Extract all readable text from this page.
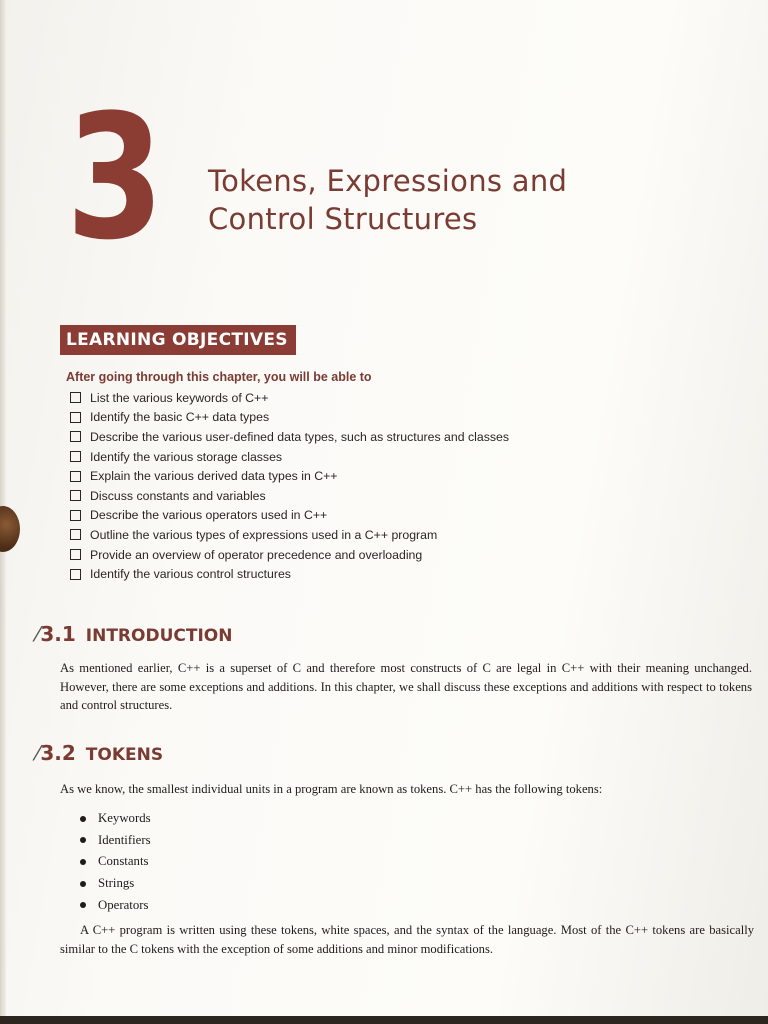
3 Tokens, Expressions and
Control Structures
LEARNING OBJECTIVES
After going through this chapter, you will be able to
List the various keywords of C++
Identify the basic C++ data types
Describe the various user-defined data types, such as structures and classes
Identify the various storage classes
Explain the various derived data types in C++
Discuss constants and variables
Describe the various operators used in C++
Outline the various types of expressions used in a C++ program
Provide an overview of operator precedence and overloading
Identify the various control structures
⁄ 3.1 INTRODUCTION
As mentioned earlier, C++ is a superset of C and therefore most constructs of C are legal in C++ with their meaning unchanged. However, there are some exceptions and additions. In this chapter, we shall discuss these exceptions and additions with respect to tokens and control structures.
⁄ 3.2 TOKENS
As we know, the smallest individual units in a program are known as tokens. C++ has the following tokens:
Keywords
Identifiers
Constants
Strings
Operators
A C++ program is written using these tokens, white spaces, and the syntax of the language. Most of the C++ tokens are basically similar to the C tokens with the exception of some additions and minor modifications.
